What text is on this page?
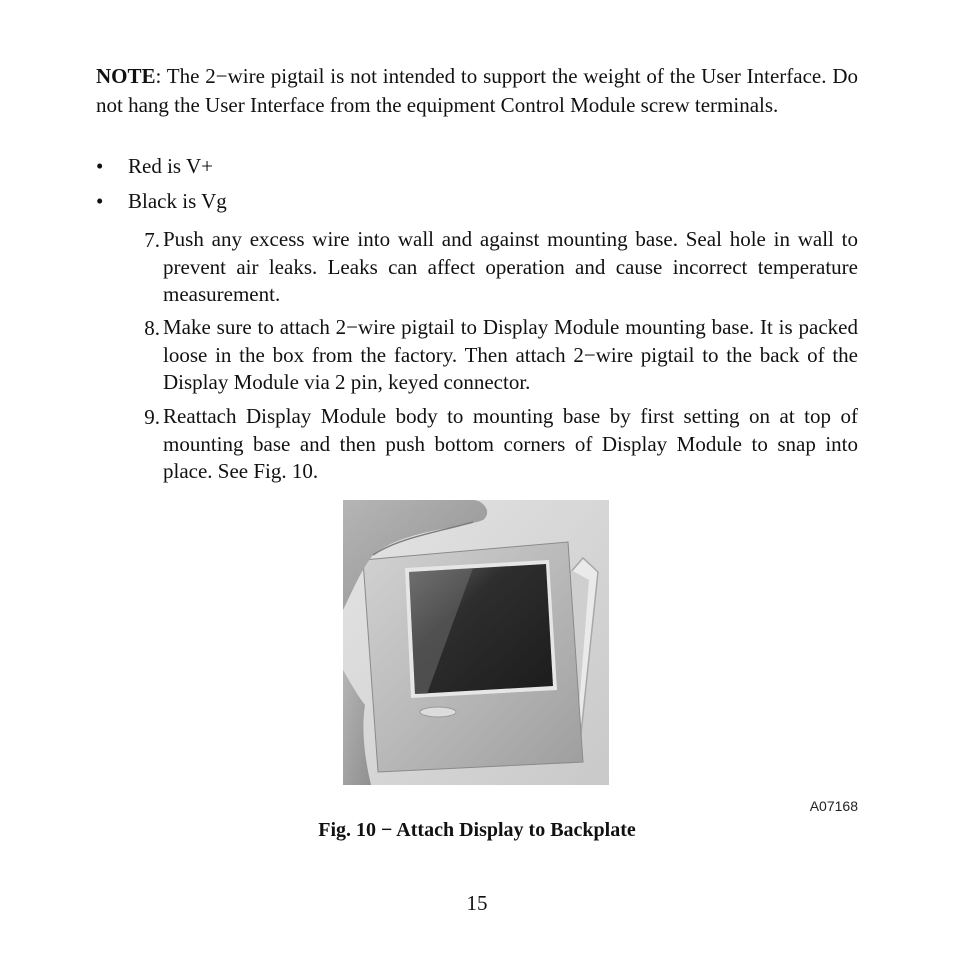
NOTE: The 2−wire pigtail is not intended to support the weight of the User Interface. Do not hang the User Interface from the equipment Control Module screw terminals.

• Red is V+
• Black is Vg
7. Push any excess wire into wall and against mounting base. Seal hole in wall to prevent air leaks. Leaks can affect operation and cause incorrect temperature measurement.
8. Make sure to attach 2−wire pigtail to Display Module mounting base. It is packed loose in the box from the factory. Then attach 2−wire pigtail to the back of the Display Module via 2 pin, keyed connector.
9. Reattach Display Module body to mounting base by first setting on at top of mounting base and then push bottom corners of Display Module to snap into place. See Fig. 10.
A07168
Fig. 10 − Attach Display to Backplate
15
